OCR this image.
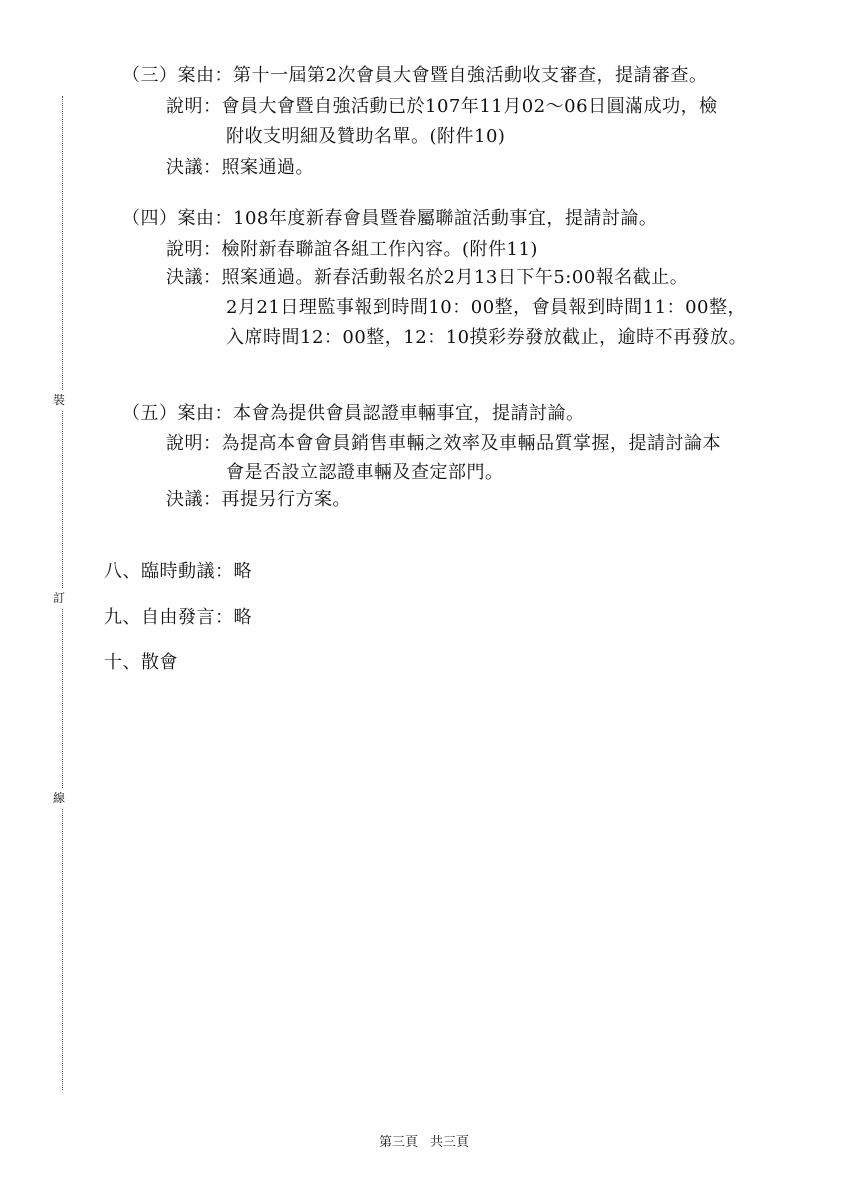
裝
訂
線
（三）案由：第十一屆第2次會員大會暨自強活動收支審查，提請審查。
說明：會員大會暨自強活動已於107年11月02～06日圓滿成功，檢
附收支明細及贊助名單。(附件10)
決議：照案通過。
（四）案由：108年度新春會員暨眷屬聯誼活動事宜，提請討論。
說明：檢附新春聯誼各組工作內容。(附件11)
決議：照案通過。新春活動報名於2月13日下午5:00報名截止。
2月21日理監事報到時間10：00整，會員報到時間11：00整，
入席時間12：00整，12：10摸彩券發放截止，逾時不再發放。
（五）案由：本會為提供會員認證車輛事宜，提請討論。
說明：為提高本會會員銷售車輛之效率及車輛品質掌握，提請討論本
會是否設立認證車輛及查定部門。
決議：再提另行方案。
八、臨時動議：略
九、自由發言：略
十、散會
第三頁 共三頁
